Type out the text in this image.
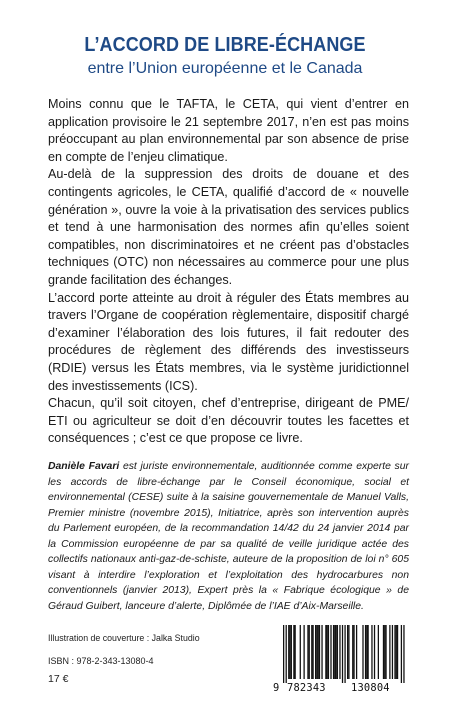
L’ACCORD DE LIBRE-ÉCHANGE
entre l’Union européenne et le Canada

Moins connu que le TAFTA, le CETA, qui vient d’entrer en application provisoire le 21 septembre 2017, n’en est pas moins préoccupant au plan environnemental par son absence de prise en compte de l’enjeu climatique.

Au-delà de la suppression des droits de douane et des contingents agricoles, le CETA, qualifié d’accord de « nouvelle génération », ouvre la voie à la privatisation des services publics et tend à une harmonisation des normes afin qu’elles soient compatibles, non discriminatoires et ne créent pas d’obstacles techniques (OTC) non nécessaires au commerce pour une plus grande facilitation des échanges.

L’accord porte atteinte au droit à réguler des États membres au travers l’Organe de coopération règlementaire, dispositif chargé d’examiner l’élaboration des lois futures, il fait redouter des procédures de règlement des différends des investisseurs (RDIE) versus les États membres, via le système juridictionnel des investissements (ICS).

Chacun, qu’il soit citoyen, chef d’entreprise, dirigeant de PME/ ETI ou agriculteur se doit d’en découvrir toutes les facettes et conséquences ; c’est ce que propose ce livre.

Danièle Favari est juriste environnementale, auditionnée comme experte sur les accords de libre-échange par le Conseil économique, social et environnemental (CESE) suite à la saisine gouvernementale de Manuel Valls, Premier ministre (novembre 2015), Initiatrice, après son intervention auprès du Parlement européen, de la recommandation 14/42 du 24 janvier 2014 par la Commission européenne de par sa qualité de veille juridique actée des collectifs nationaux anti-gaz-de-schiste, auteure de la proposition de loi n° 605 visant à interdire l’exploration et l’exploitation des hydrocarbures non conventionnels (janvier 2013), Expert près la « Fabrique écologique » de Géraud Guibert, lanceure d’alerte, Diplômée de l’IAE d’Aix-Marseille.

Illustration de couverture : Jalka Studio
ISBN : 978-2-343-13080-4
17 €
9 782343 130804
